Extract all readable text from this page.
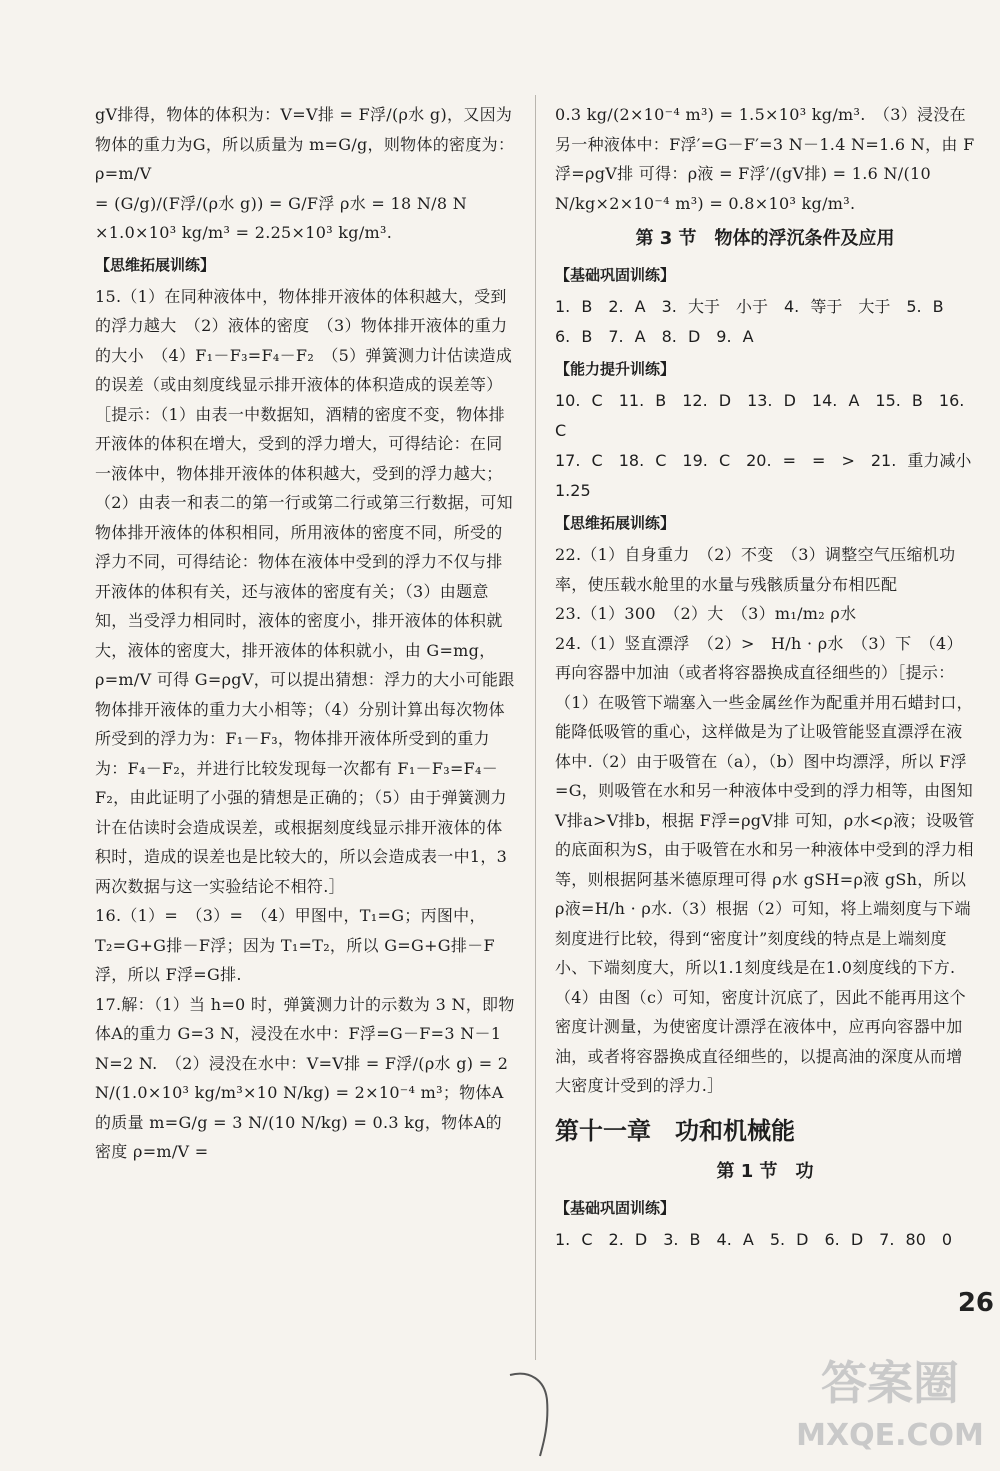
gV排得，物体的体积为：V=V排 = F浮/(ρ水 g)，又因为物体的重力为G，所以质量为 m=G/g，则物体的密度为：ρ=m/V

= (G/g)/(F浮/(ρ水 g)) = G/F浮 ρ水 = 18 N/8 N ×1.0×10³ kg/m³ = 2.25×10³ kg/m³.

【思维拓展训练】

15.（1）在同种液体中，物体排开液体的体积越大，受到的浮力越大　（2）液体的密度　（3）物体排开液体的重力的大小　（4）F₁－F₃=F₄－F₂　（5）弹簧测力计估读造成的误差（或由刻度线显示排开液体的体积造成的误差等）［提示：（1）由表一中数据知，酒精的密度不变，物体排开液体的体积在增大，受到的浮力增大，可得结论：在同一液体中，物体排开液体的体积越大，受到的浮力越大；（2）由表一和表二的第一行或第二行或第三行数据，可知物体排开液体的体积相同，所用液体的密度不同，所受的浮力不同，可得结论：物体在液体中受到的浮力不仅与排开液体的体积有关，还与液体的密度有关；（3）由题意知，当受浮力相同时，液体的密度小，排开液体的体积就大，液体的密度大，排开液体的体积就小，由 G=mg，ρ=m/V 可得 G=ρgV，可以提出猜想：浮力的大小可能跟物体排开液体的重力大小相等；（4）分别计算出每次物体所受到的浮力为：F₁－F₃，物体排开液体所受到的重力为：F₄－F₂，并进行比较发现每一次都有 F₁－F₃=F₄－F₂，由此证明了小强的猜想是正确的；（5）由于弹簧测力计在估读时会造成误差，或根据刻度线显示排开液体的体积时，造成的误差也是比较大的，所以会造成表一中1，3两次数据与这一实验结论不相符.］

16.（1）=　（3）=　（4）甲图中，T₁=G；丙图中，T₂=G+G排－F浮；因为 T₁=T₂，所以 G=G+G排－F浮，所以 F浮=G排.

17.解：（1）当 h=0 时，弹簧测力计的示数为 3 N，即物体A的重力 G=3 N，浸没在水中：F浮=G－F=3 N－1 N=2 N.　（2）浸没在水中：V=V排 = F浮/(ρ水 g) = 2 N/(1.0×10³ kg/m³×10 N/kg) = 2×10⁻⁴ m³；物体A的质量 m=G/g = 3 N/(10 N/kg) = 0.3 kg，物体A的密度 ρ=m/V =

0.3 kg/(2×10⁻⁴ m³) = 1.5×10³ kg/m³.　（3）浸没在另一种液体中：F浮′=G－F′=3 N－1.4 N=1.6 N，由 F浮=ρgV排 可得：ρ液 = F浮′/(gV排) = 1.6 N/(10 N/kg×2×10⁻⁴ m³) = 0.8×10³ kg/m³.

第 3 节　物体的浮沉条件及应用

【基础巩固训练】

1. B　2. A　3. 大于　小于　4. 等于　大于　5. B

6. B　7. A　8. D　9. A

【能力提升训练】

10. C　11. B　12. D　13. D　14. A　15. B　16. C

17. C　18. C　19. C　20. =　=　>　21. 重力减小

1.25

【思维拓展训练】

22.（1）自身重力　（2）不变　（3）调整空气压缩机功率，使压载水舱里的水量与残骸质量分布相匹配

23.（1）300　（2）大　（3）m₁/m₂ ρ水

24.（1）竖直漂浮　（2）>　H/h · ρ水　（3）下　（4）再向容器中加油（或者将容器换成直径细些的）［提示：（1）在吸管下端塞入一些金属丝作为配重并用石蜡封口，能降低吸管的重心，这样做是为了让吸管能竖直漂浮在液体中.（2）由于吸管在（a），（b）图中均漂浮，所以 F浮=G，则吸管在水和另一种液体中受到的浮力相等，由图知 V排a>V排b，根据 F浮=ρgV排 可知，ρ水<ρ液；设吸管的底面积为S，由于吸管在水和另一种液体中受到的浮力相等，则根据阿基米德原理可得 ρ水 gSH=ρ液 gSh，所以 ρ液=H/h · ρ水.（3）根据（2）可知，将上端刻度与下端刻度进行比较，得到“密度计”刻度线的特点是上端刻度小、下端刻度大，所以1.1刻度线是在1.0刻度线的下方.（4）由图（c）可知，密度计沉底了，因此不能再用这个密度计测量，为使密度计漂浮在液体中，应再向容器中加油，或者将容器换成直径细些的，以提高油的深度从而增大密度计受到的浮力.］

第十一章　功和机械能

第 1 节　功

【基础巩固训练】

1. C　2. D　3. B　4. A　5. D　6. D　7. 80　0

26
答案圈
MXQE.COM
